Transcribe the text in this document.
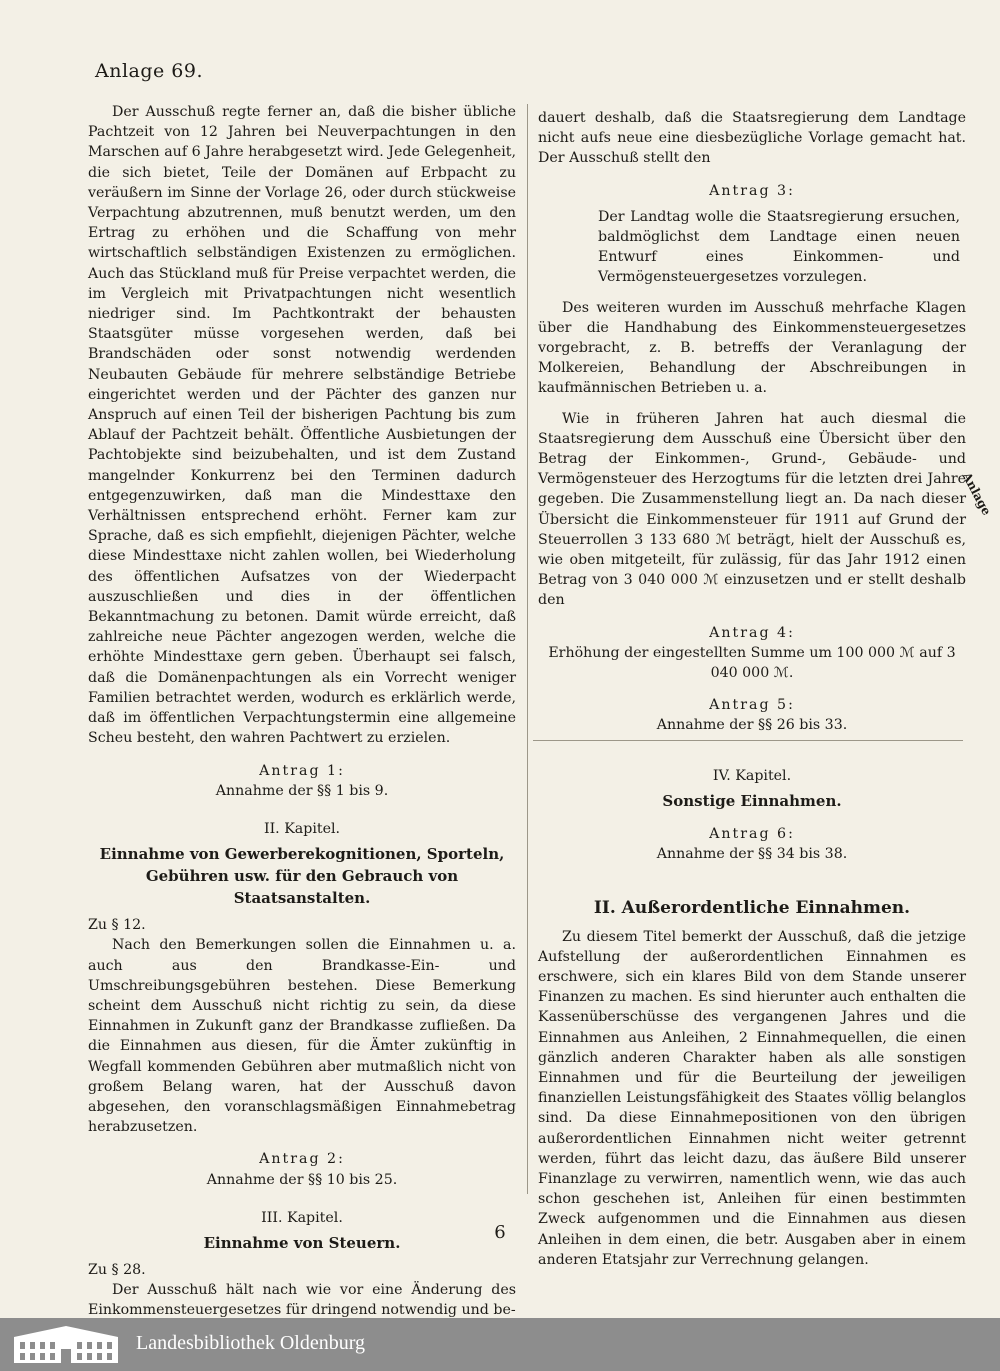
Anlage 69.

Der Ausschuß regte ferner an, daß die bisher übliche Pachtzeit von 12 Jahren bei Neuverpachtungen in den Marschen auf 6 Jahre herabgesetzt wird. Jede Gelegenheit, die sich bietet, Teile der Domänen auf Erbpacht zu veräußern im Sinne der Vorlage 26, oder durch stückweise Verpachtung abzutrennen, muß benutzt werden, um den Ertrag zu erhöhen und die Schaffung von mehr wirtschaftlich selbständigen Existenzen zu ermöglichen. Auch das Stückland muß für Preise verpachtet werden, die im Vergleich mit Privatpachtungen nicht wesentlich niedriger sind. Im Pachtkontrakt der behausten Staatsgüter müsse vorgesehen werden, daß bei Brandschäden oder sonst notwendig werdenden Neubauten Gebäude für mehrere selbständige Betriebe eingerichtet werden und der Pächter des ganzen nur Anspruch auf einen Teil der bisherigen Pachtung bis zum Ablauf der Pachtzeit behält. Öffentliche Ausbietungen der Pachtobjekte sind beizubehalten, und ist dem Zustand mangelnder Konkurrenz bei den Terminen dadurch entgegenzuwirken, daß man die Mindesttaxe den Verhältnissen entsprechend erhöht. Ferner kam zur Sprache, daß es sich empfiehlt, diejenigen Pächter, welche diese Mindesttaxe nicht zahlen wollen, bei Wiederholung des öffentlichen Aufsatzes von der Wiederpacht auszuschließen und dies in der öffentlichen Bekanntmachung zu betonen. Damit würde erreicht, daß zahlreiche neue Pächter angezogen werden, welche die erhöhte Mindesttaxe gern geben. Überhaupt sei falsch, daß die Domänenpachtungen als ein Vorrecht weniger Familien betrachtet werden, wodurch es erklärlich werde, daß im öffentlichen Verpachtungstermin eine allgemeine Scheu besteht, den wahren Pachtwert zu erzielen.

Antrag 1:
Annahme der §§ 1 bis 9.
II. Kapitel.
Einnahme von Gewerberekognitionen, Sporteln, Gebühren usw. für den Gebrauch von Staatsanstalten.

Zu § 12.

Nach den Bemerkungen sollen die Einnahmen u. a. auch aus den Brandkasse-Ein- und Umschreibungsgebühren bestehen. Diese Bemerkung scheint dem Ausschuß nicht richtig zu sein, da diese Einnahmen in Zukunft ganz der Brandkasse zufließen. Da die Einnahmen aus diesen, für die Ämter zukünftig in Wegfall kommenden Gebühren aber mutmaßlich nicht von großem Belang waren, hat der Ausschuß davon abgesehen, den voranschlagsmäßigen Einnahmebetrag herabzusetzen.

Antrag 2:
Annahme der §§ 10 bis 25.
III. Kapitel.
Einnahme von Steuern.

Zu § 28.

Der Ausschuß hält nach wie vor eine Änderung des Einkommensteuergesetzes für dringend notwendig und be-

dauert deshalb, daß die Staatsregierung dem Landtage nicht aufs neue eine diesbezügliche Vorlage gemacht hat. Der Ausschuß stellt den

Antrag 3:
Der Landtag wolle die Staatsregierung ersuchen, baldmöglichst dem Landtage einen neuen Entwurf eines Einkommen- und Vermögensteuergesetzes vorzulegen.

Des weiteren wurden im Ausschuß mehrfache Klagen über die Handhabung des Einkommensteuergesetzes vorgebracht, z. B. betreffs der Veranlagung der Molkereien, Behandlung der Abschreibungen in kaufmännischen Betrieben u. a.

Wie in früheren Jahren hat auch diesmal die Staatsregierung dem Ausschuß eine Übersicht über den Betrag der Einkommen-, Grund-, Gebäude- und Vermögensteuer des Herzogtums für die letzten drei Jahre gegeben. Die Zusammenstellung liegt an. Da nach dieser Übersicht die Einkommensteuer für 1911 auf Grund der Steuerrollen 3 133 680 ℳ beträgt, hielt der Ausschuß es, wie oben mitgeteilt, für zulässig, für das Jahr 1912 einen Betrag von 3 040 000 ℳ einzusetzen und er stellt deshalb den

Antrag 4:
Erhöhung der eingestellten Summe um 100 000 ℳ auf 3 040 000 ℳ.
Antrag 5:
Annahme der §§ 26 bis 33.
IV. Kapitel.
Sonstige Einnahmen.
Antrag 6:
Annahme der §§ 34 bis 38.
II. Außerordentliche Einnahmen.

Zu diesem Titel bemerkt der Ausschuß, daß die jetzige Aufstellung der außerordentlichen Einnahmen es erschwere, sich ein klares Bild von dem Stande unserer Finanzen zu machen. Es sind hierunter auch enthalten die Kassenüberschüsse des vergangenen Jahres und die Einnahmen aus Anleihen, 2 Einnahmequellen, die einen gänzlich anderen Charakter haben als alle sonstigen Einnahmen und für die Beurteilung der jeweiligen finanziellen Leistungsfähigkeit des Staates völlig belanglos sind. Da diese Einnahmepositionen von den übrigen außerordentlichen Einnahmen nicht weiter getrennt werden, führt das leicht dazu, das äußere Bild unserer Finanzlage zu verwirren, namentlich wenn, wie das auch schon geschehen ist, Anleihen für einen bestimmten Zweck aufgenommen und die Einnahmen aus diesen Anleihen in dem einen, die betr. Ausgaben aber in einem anderen Etatsjahr zur Verrechnung gelangen.

Anlage
6
Landesbibliothek Oldenburg
